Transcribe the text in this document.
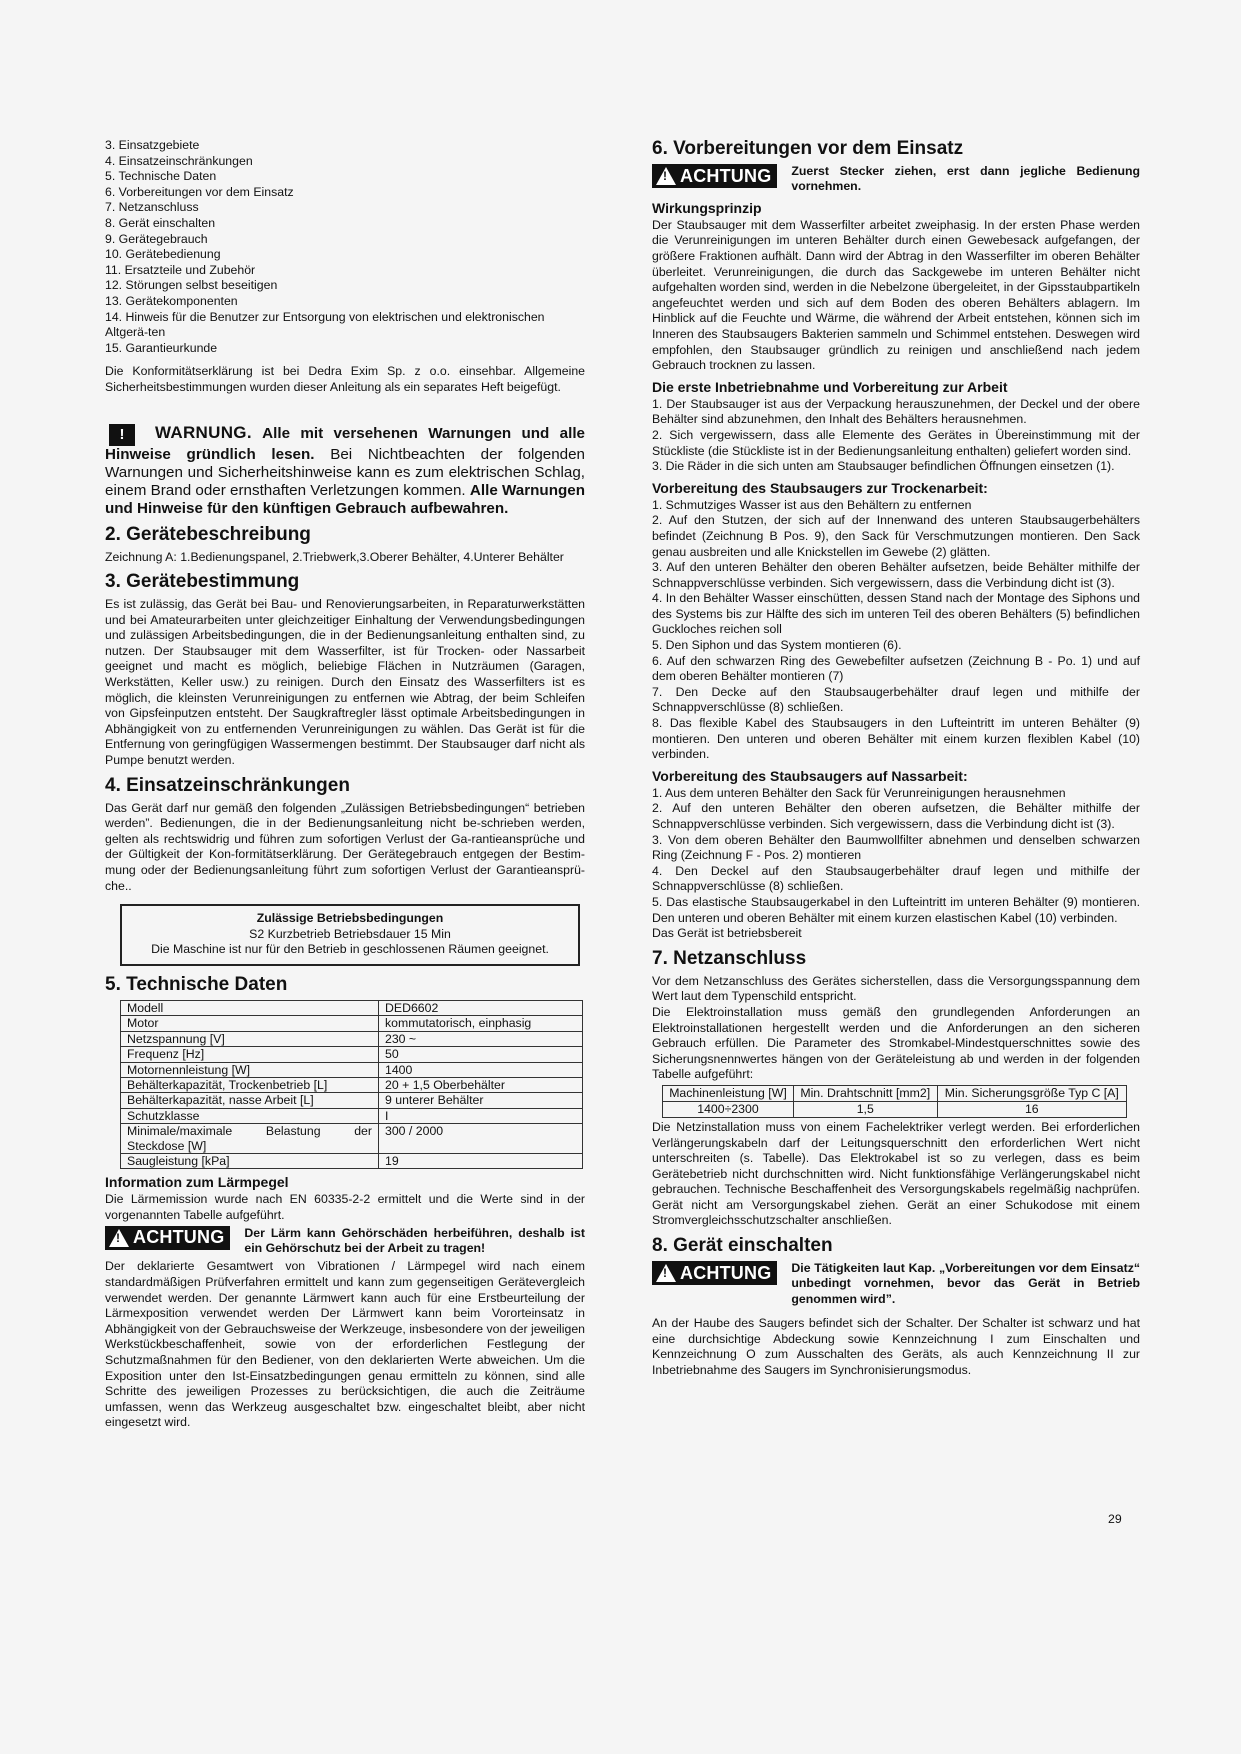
3. Einsatzgebiete
4. Einsatzeinschränkungen
5. Technische Daten
6. Vorbereitungen vor dem Einsatz
7. Netzanschluss
8. Gerät einschalten
9. Gerätegebrauch
10. Gerätebedienung
11. Ersatzteile und Zubehör
12. Störungen selbst beseitigen
13. Gerätekomponenten
14. Hinweis für die Benutzer zur Entsorgung von elektrischen und elektronischen Altgerä-ten
15. Garantieurkunde

Die Konformitätserklärung ist bei Dedra Exim Sp. z o.o. einsehbar. Allgemeine Sicherheitsbestimmungen wurden dieser Anleitung als ein separates Heft beigefügt.

! WARNUNG. Alle mit versehenen Warnungen und alle Hinweise gründlich lesen. Bei Nichtbeachten der folgenden Warnungen und Sicherheitshinweise kann es zum elektrischen Schlag, einem Brand oder ernsthaften Verletzungen kommen. Alle Warnungen und Hinweise für den künftigen Gebrauch aufbewahren.
2. Gerätebeschreibung

Zeichnung A: 1.Bedienungspanel, 2.Triebwerk,3.Oberer Behälter, 4.Unterer Behälter

3. Gerätebestimmung

Es ist zulässig, das Gerät bei Bau- und Renovierungsarbeiten, in Reparaturwerkstätten und bei Amateurarbeiten unter gleichzeitiger Einhaltung der Verwendungsbedingungen und zulässigen Arbeitsbedingungen, die in der Bedienungsanleitung enthalten sind, zu nutzen. Der Staubsauger mit dem Wasserfilter, ist für Trocken- oder Nassarbeit geeignet und macht es möglich, beliebige Flächen in Nutzräumen (Garagen, Werkstätten, Keller usw.) zu reinigen. Durch den Einsatz des Wasserfilters ist es möglich, die kleinsten Verunreinigungen zu entfernen wie Abtrag, der beim Schleifen von Gipsfeinputzen entsteht. Der Saugkraftregler lässt optimale Arbeitsbedingungen in Abhängigkeit von zu entfernenden Verunreinigungen zu wählen. Das Gerät ist für die Entfernung von geringfügigen Wassermengen bestimmt. Der Staubsauger darf nicht als Pumpe benutzt werden.

4. Einsatzeinschränkungen

Das Gerät darf nur gemäß den folgenden „Zulässigen Betriebsbedingungen“ betrieben werden”. Bedienungen, die in der Bedienungsanleitung nicht be-schrieben werden, gelten als rechtswidrig und führen zum sofortigen Verlust der Ga-rantieansprüche und der Gültigkeit der Kon-formitätserklärung. Der Gerätegebrauch entgegen der Bestim-mung oder der Bedienungsanleitung führt zum sofortigen Verlust der Garantieansprü-che..

Zulässige Betriebsbedingungen
S2 Kurzbetrieb Betriebsdauer 15 Min
Die Maschine ist nur für den Betrieb in geschlossenen Räumen geeignet.
5. Technische Daten
Modell	DED6602
Motor	kommutatorisch, einphasig
Netzspannung [V]	230 ~
Frequenz [Hz]	50
Motornennleistung [W]	1400
Behälterkapazität, Trockenbetrieb [L]	20 + 1,5 Oberbehälter
Behälterkapazität, nasse Arbeit [L]	9 unterer Behälter
Schutzklasse	I
Minimale/maximale Belastung der Steckdose [W]	300 / 2000
Saugleistung [kPa]	19
Information zum Lärmpegel

Die Lärmemission wurde nach EN 60335-2-2 ermittelt und die Werte sind in der vorgenannten Tabelle aufgeführt.

! ACHTUNG Der Lärm kann Gehörschäden herbeiführen, deshalb ist ein Gehörschutz bei der Arbeit zu tragen!

Der deklarierte Gesamtwert von Vibrationen / Lärmpegel wird nach einem standardmäßigen Prüfverfahren ermittelt und kann zum gegenseitigen Gerätevergleich verwendet werden. Der genannte Lärmwert kann auch für eine Erstbeurteilung der Lärmexposition verwendet werden Der Lärmwert kann beim Vororteinsatz in Abhängigkeit von der Gebrauchsweise der Werkzeuge, insbesondere von der jeweiligen Werkstückbeschaffenheit, sowie von der erforderlichen Festlegung der Schutzmaßnahmen für den Bediener, von den deklarierten Werte abweichen. Um die Exposition unter den Ist-Einsatzbedingungen genau ermitteln zu können, sind alle Schritte des jeweiligen Prozesses zu berücksichtigen, die auch die Zeiträume umfassen, wenn das Werkzeug ausgeschaltet bzw. eingeschaltet bleibt, aber nicht eingesetzt wird.

6. Vorbereitungen vor dem Einsatz
! ACHTUNG Zuerst Stecker ziehen, erst dann jegliche Bedienung vornehmen.
Wirkungsprinzip

Der Staubsauger mit dem Wasserfilter arbeitet zweiphasig. In der ersten Phase werden die Verunreinigungen im unteren Behälter durch einen Gewebesack aufgefangen, der größere Fraktionen aufhält. Dann wird der Abtrag in den Wasserfilter im oberen Behälter überleitet. Verunreinigungen, die durch das Sackgewebe im unteren Behälter nicht aufgehalten worden sind, werden in die Nebelzone übergeleitet, in der Gipsstaubpartikeln angefeuchtet werden und sich auf dem Boden des oberen Behälters ablagern. Im Hinblick auf die Feuchte und Wärme, die während der Arbeit entstehen, können sich im Inneren des Staubsaugers Bakterien sammeln und Schimmel entstehen. Deswegen wird empfohlen, den Staubsauger gründlich zu reinigen und anschließend nach jedem Gebrauch trocknen zu lassen.

Die erste Inbetriebnahme und Vorbereitung zur Arbeit

1. Der Staubsauger ist aus der Verpackung herauszunehmen, der Deckel und der obere Behälter sind abzunehmen, den Inhalt des Behälters herausnehmen.

2. Sich vergewissern, dass alle Elemente des Gerätes in Übereinstimmung mit der Stückliste (die Stückliste ist in der Bedienungsanleitung enthalten) geliefert worden sind.

3. Die Räder in die sich unten am Staubsauger befindlichen Öffnungen einsetzen (1).

Vorbereitung des Staubsaugers zur Trockenarbeit:

1. Schmutziges Wasser ist aus den Behältern zu entfernen

2. Auf den Stutzen, der sich auf der Innenwand des unteren Staubsaugerbehälters befindet (Zeichnung B Pos. 9), den Sack für Verschmutzungen montieren. Den Sack genau ausbreiten und alle Knickstellen im Gewebe (2) glätten.

3. Auf den unteren Behälter den oberen Behälter aufsetzen, beide Behälter mithilfe der Schnappverschlüsse verbinden. Sich vergewissern, dass die Verbindung dicht ist (3).

4. In den Behälter Wasser einschütten, dessen Stand nach der Montage des Siphons und des Systems bis zur Hälfte des sich im unteren Teil des oberen Behälters (5) befindlichen Guckloches reichen soll

5. Den Siphon und das System montieren (6).

6. Auf den schwarzen Ring des Gewebefilter aufsetzen (Zeichnung B - Po. 1) und auf dem oberen Behälter montieren (7)

7. Den Decke auf den Staubsaugerbehälter drauf legen und mithilfe der Schnappverschlüsse (8) schließen.

8. Das flexible Kabel des Staubsaugers in den Lufteintritt im unteren Behälter (9) montieren. Den unteren und oberen Behälter mit einem kurzen flexiblen Kabel (10) verbinden.

Vorbereitung des Staubsaugers auf Nassarbeit:

1. Aus dem unteren Behälter den Sack für Verunreinigungen herausnehmen

2. Auf den unteren Behälter den oberen aufsetzen, die Behälter mithilfe der Schnappverschlüsse verbinden. Sich vergewissern, dass die Verbindung dicht ist (3).

3. Von dem oberen Behälter den Baumwollfilter abnehmen und denselben schwarzen Ring (Zeichnung F - Pos. 2) montieren

4. Den Deckel auf den Staubsaugerbehälter drauf legen und mithilfe der Schnappverschlüsse (8) schließen.

5. Das elastische Staubsaugerkabel in den Lufteintritt im unteren Behälter (9) montieren. Den unteren und oberen Behälter mit einem kurzen elastischen Kabel (10) verbinden.

Das Gerät ist betriebsbereit

7. Netzanschluss

Vor dem Netzanschluss des Gerätes sicherstellen, dass die Versorgungsspannung dem Wert laut dem Typenschild entspricht.

Die Elektroinstallation muss gemäß den grundlegenden Anforderungen an Elektroinstallationen hergestellt werden und die Anforderungen an den sicheren Gebrauch erfüllen. Die Parameter des Stromkabel-Mindestquerschnittes sowie des Sicherungsnennwertes hängen von der Geräteleistung ab und werden in der folgenden Tabelle aufgeführt:

Machinenleistung [W]	Min. Drahtschnitt [mm2]	Min. Sicherungsgröße Typ C [A]
1400÷2300	1,5	16

Die Netzinstallation muss von einem Fachelektriker verlegt werden. Bei erforderlichen Verlängerungskabeln darf der Leitungsquerschnitt den erforderlichen Wert nicht unterschreiten (s. Tabelle). Das Elektrokabel ist so zu verlegen, dass es beim Gerätebetrieb nicht durchschnitten wird. Nicht funktionsfähige Verlängerungskabel nicht gebrauchen. Technische Beschaffenheit des Versorgungskabels regelmäßig nachprüfen. Gerät nicht am Versorgungskabel ziehen. Gerät an einer Schukodose mit einem Stromvergleichsschutzschalter anschließen.

8. Gerät einschalten
! ACHTUNG Die Tätigkeiten laut Kap. „Vorbereitungen vor dem Einsatz“ unbedingt vornehmen, bevor das Gerät in Betrieb genommen wird”.

An der Haube des Saugers befindet sich der Schalter. Der Schalter ist schwarz und hat eine durchsichtige Abdeckung sowie Kennzeichnung I zum Einschalten und Kennzeichnung O zum Ausschalten des Geräts, als auch Kennzeichnung II zur Inbetriebnahme des Saugers im Synchronisierungsmodus.

29
